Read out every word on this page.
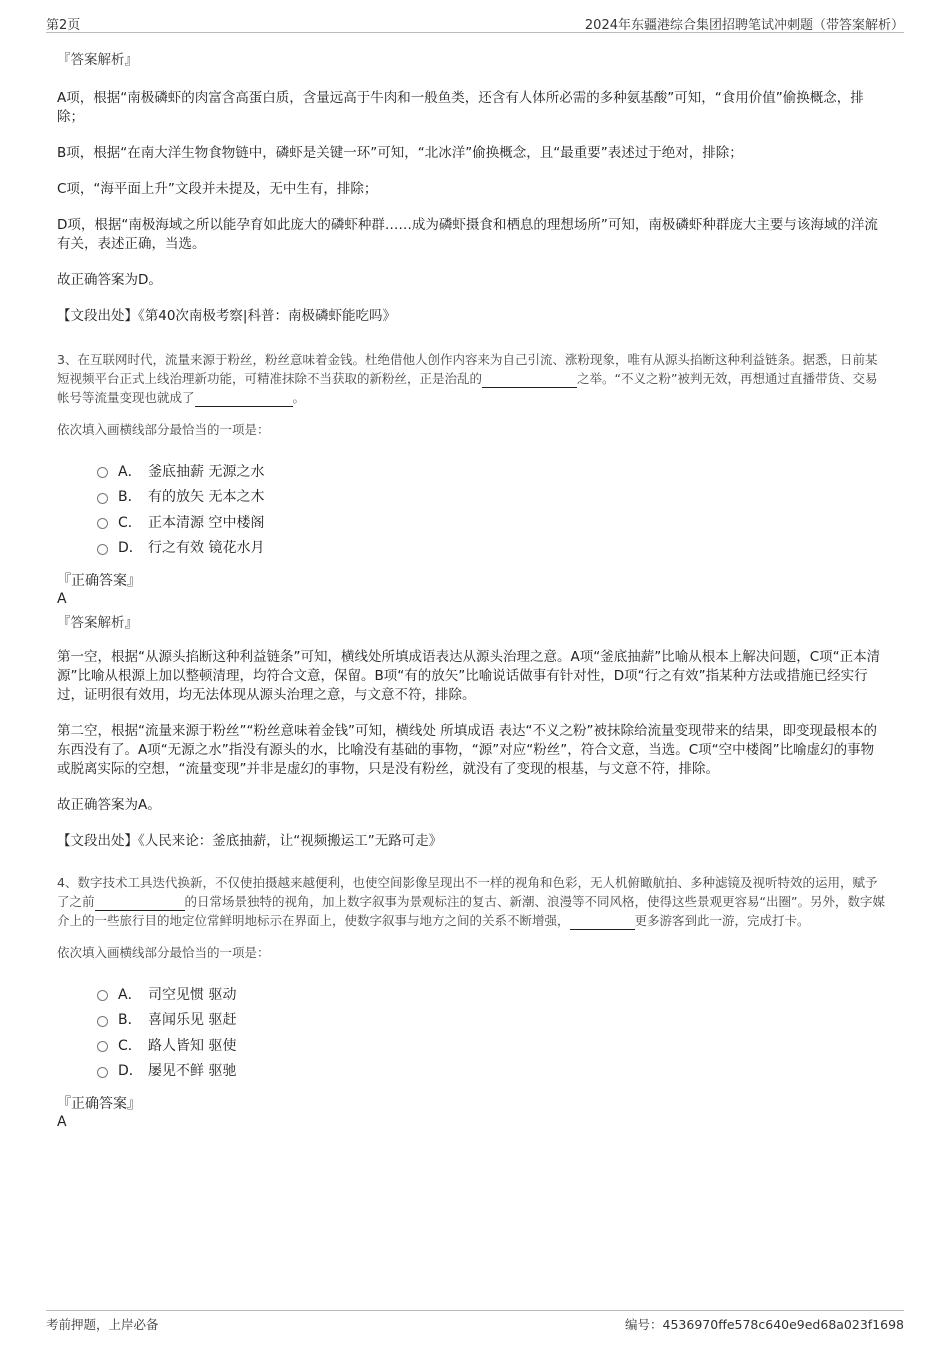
第2页	2024年东疆港综合集团招聘笔试冲刺题（带答案解析）

『答案解析』

A项，根据“南极磷虾的肉富含高蛋白质，含量远高于牛肉和一般鱼类，还含有人体所必需的多种氨基酸”可知，“食用价值”偷换概念，排除；

B项，根据“在南大洋生物食物链中，磷虾是关键一环”可知，“北冰洋”偷换概念，且“最重要”表述过于绝对，排除；

C项，“海平面上升”文段并未提及，无中生有，排除；

D项，根据“南极海域之所以能孕育如此庞大的磷虾种群……成为磷虾摄食和栖息的理想场所”可知，南极磷虾种群庞大主要与该海域的洋流有关，表述正确，当选。

故正确答案为D。

【文段出处】《第40次南极考察|科普：南极磷虾能吃吗》

3、在互联网时代，流量来源于粉丝，粉丝意味着金钱。杜绝借他人创作内容来为自己引流、涨粉现象，唯有从源头掐断这种利益链条。据悉，日前某短视频平台正式上线治理新功能，可精准抹除不当获取的新粉丝，正是治乱的	之举。“不义之粉”被判无效，再想通过直播带货、交易帐号等流量变现也就成了	。

依次填入画横线部分最恰当的一项是：

A． 釜底抽薪 无源之水
B． 有的放矢 无本之木
C． 正本清源 空中楼阁
D． 行之有效 镜花水月

『正确答案』

A

『答案解析』

第一空，根据“从源头掐断这种利益链条”可知，横线处所填成语表达从源头治理之意。A项“釜底抽薪”比喻从根本上解决问题，C项“正本清源”比喻从根源上加以整顿清理，均符合文意，保留。B项“有的放矢”比喻说话做事有针对性，D项“行之有效”指某种方法或措施已经实行过，证明很有效用，均无法体现从源头治理之意，与文意不符，排除。

第二空，根据“流量来源于粉丝”“粉丝意味着金钱”可知，横线处 所填成语 表达“不义之粉”被抹除给流量变现带来的结果，即变现最根本的东西没有了。A项“无源之水”指没有源头的水，比喻没有基础的事物，“源”对应“粉丝”，符合文意，当选。C项“空中楼阁”比喻虚幻的事物或脱离实际的空想，“流量变现”并非是虚幻的事物，只是没有粉丝，就没有了变现的根基，与文意不符，排除。

故正确答案为A。

【文段出处】《人民来论：釜底抽薪，让“视频搬运工”无路可走》

4、数字技术工具迭代换新，不仅使拍摄越来越便利，也使空间影像呈现出不一样的视角和色彩，无人机俯瞰航拍、多种滤镜及视听特效的运用，赋予了之前	的日常场景独特的视角，加上数字叙事为景观标注的复古、新潮、浪漫等不同风格，使得这些景观更容易“出圈”。另外，数字媒介上的一些旅行目的地定位常鲜明地标示在界面上，使数字叙事与地方之间的关系不断增强，	更多游客到此一游，完成打卡。

依次填入画横线部分最恰当的一项是：

A． 司空见惯 驱动
B． 喜闻乐见 驱赶
C． 路人皆知 驱使
D． 屡见不鲜 驱驰

『正确答案』

A

考前押题，上岸必备	编号：4536970ffe578c640e9ed68a023f1698
